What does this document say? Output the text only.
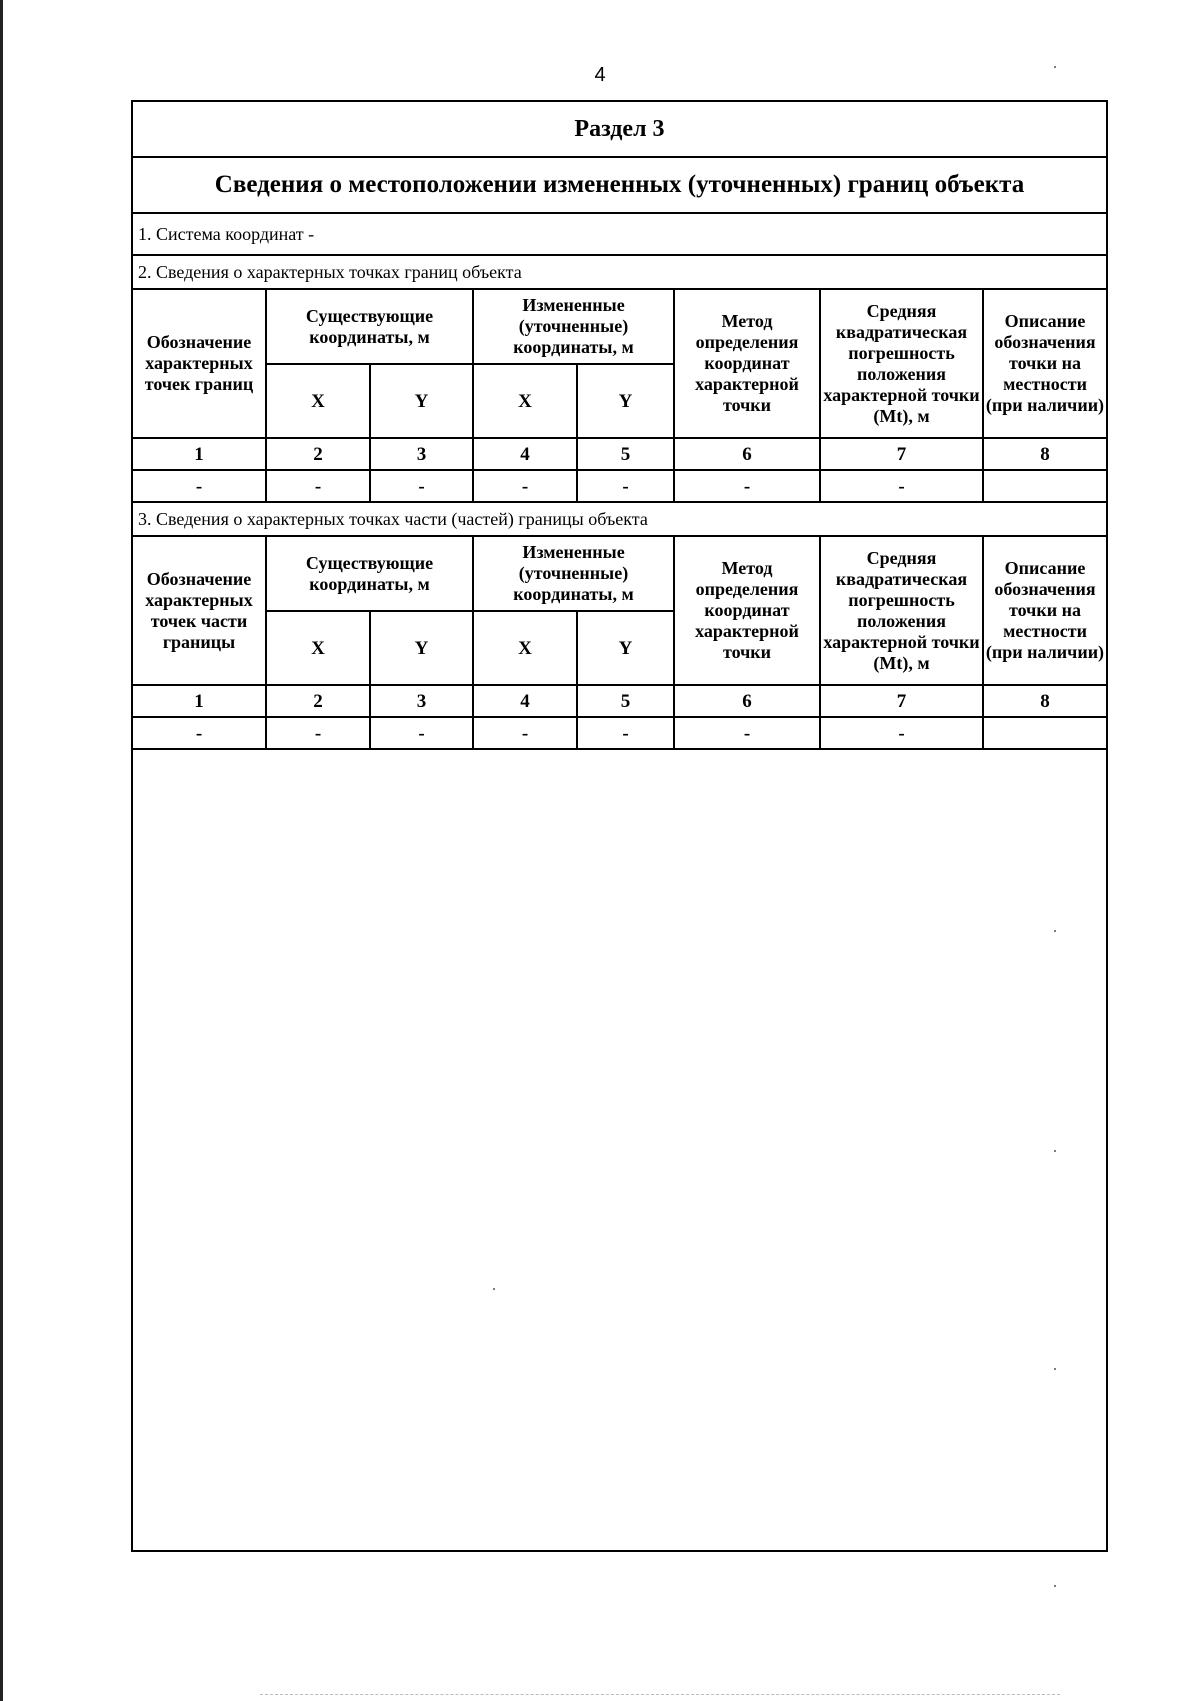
4
Раздел 3
Сведения о местоположении измененных (уточненных) границ объекта
1. Система координат -
2. Сведения о характерных точках границ объекта
Обозначение характерных точек границ	Существующие координаты, м		Измененные (уточненные) координаты, м		Метод определения координат характерной точки	Средняя квадратическая погрешность положения характерной точки (Mt), м	Описание обозначения точки на местности (при наличии)
	X	Y	X	Y			
1	2	3	4	5	6	7	8
-	-	-	-	-	-	-	
3. Сведения о характерных точках части (частей) границы объекта
Обозначение характерных точек части границы	Существующие координаты, м		Измененные (уточненные) координаты, м		Метод определения координат характерной точки	Средняя квадратическая погрешность положения характерной точки (Mt), м	Описание обозначения точки на местности (при наличии)
	X	Y	X	Y			
1	2	3	4	5	6	7	8
-	-	-	-	-	-	-	
